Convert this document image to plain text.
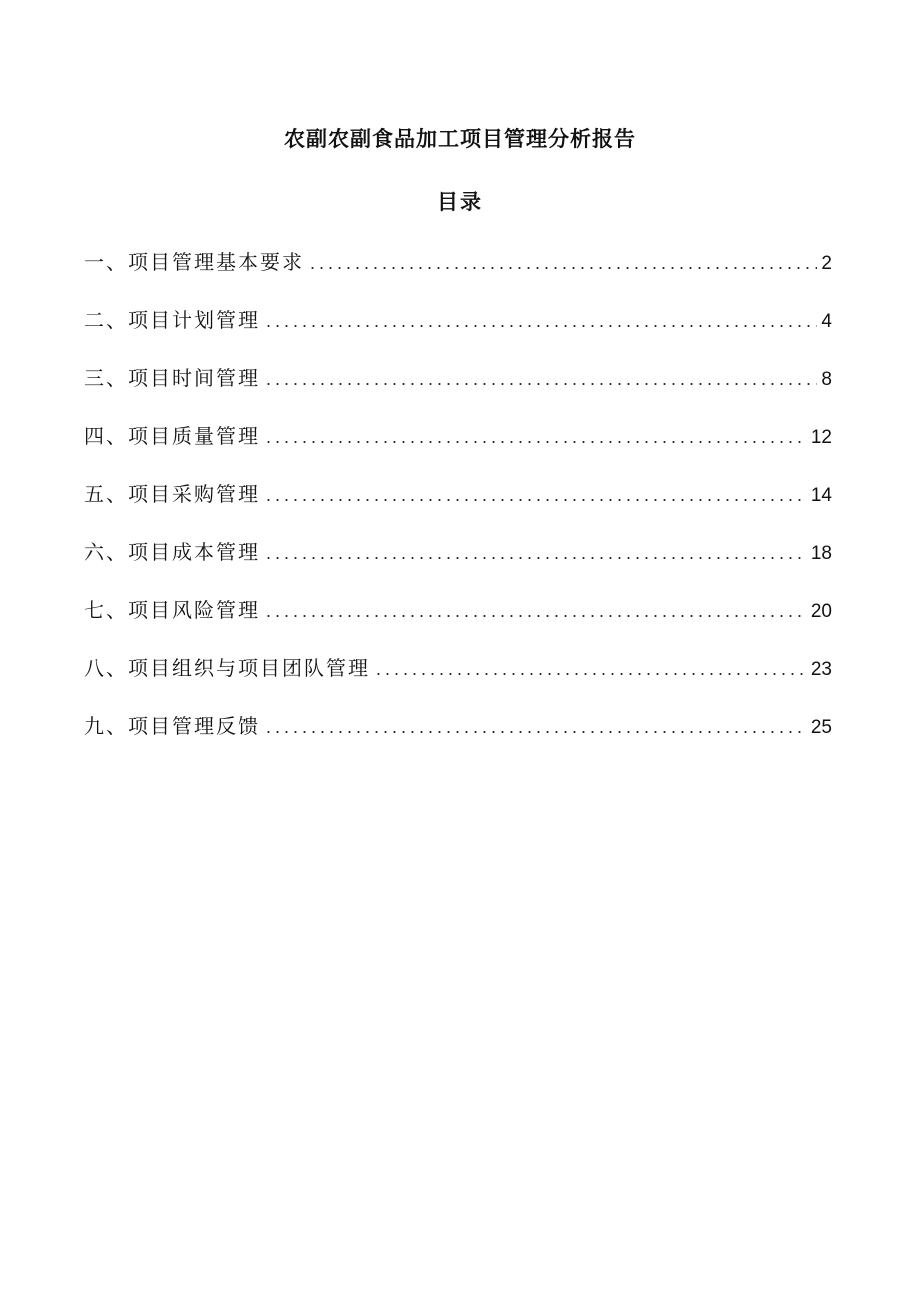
农副农副食品加工项目管理分析报告
目录
一、项目管理基本要求 .....	2
二、项目计划管理 .....	4
三、项目时间管理 .....	8
四、项目质量管理 .....	12
五、项目采购管理 .....	14
六、项目成本管理 .....	18
七、项目风险管理 .....	20
八、项目组织与项目团队管理 .....	23
九、项目管理反馈 .....	25
